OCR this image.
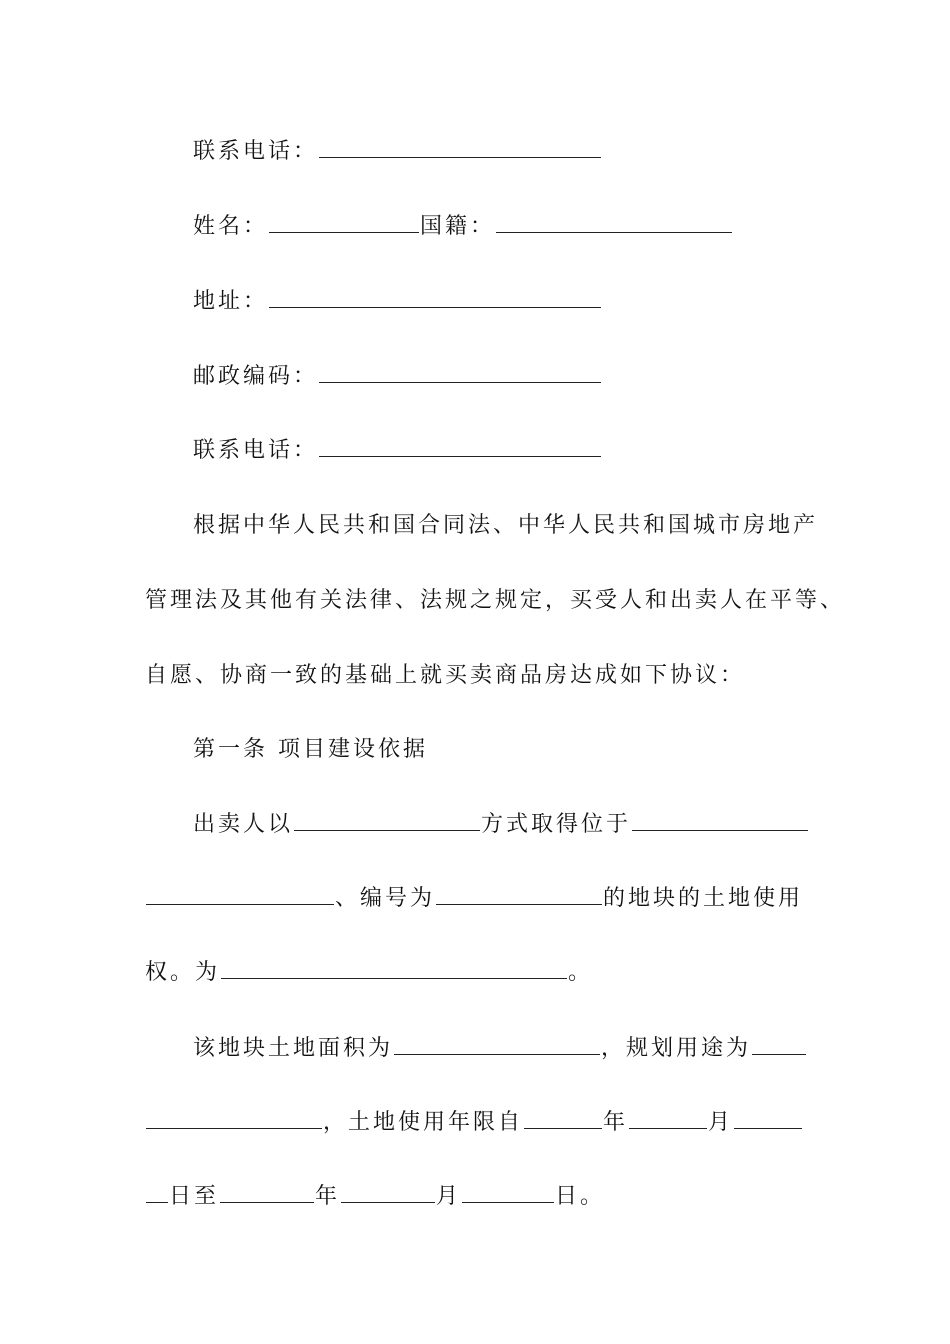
联系电话：
姓名：	国籍：
地址：
邮政编码：
联系电话：
根据中华人民共和国合同法、中华人民共和国城市房地产
管理法及其他有关法律、法规之规定，买受人和出卖人在平等、
自愿、协商一致的基础上就买卖商品房达成如下协议：
第一条 项目建设依据
出卖人以	方式取得位于
、编号为	的地块的土地使用
权。为	。
该地块土地面积为	，规划用途为
，土地使用年限自	年	月
日至	年	月	日。
